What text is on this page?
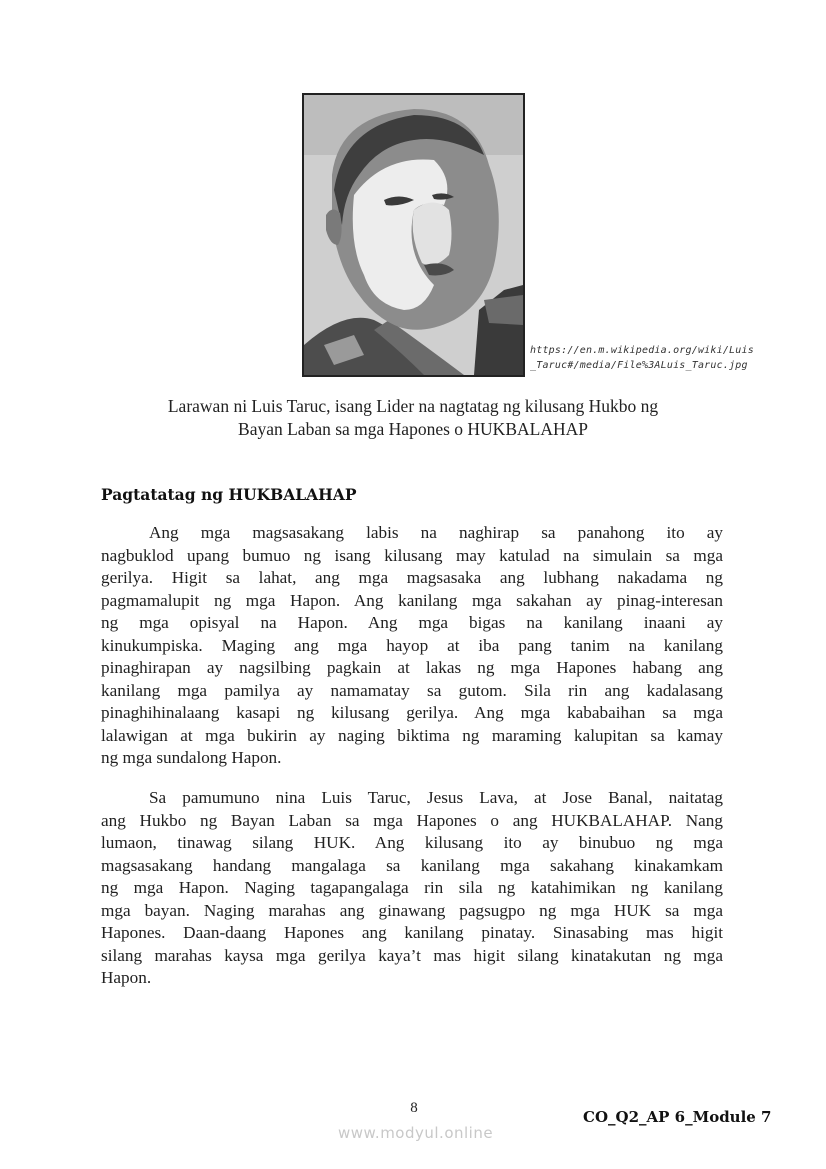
https://en.m.wikipedia.org/wiki/Luis
_Taruc#/media/File%3ALuis_Taruc.jpg
Larawan ni Luis Taruc, isang Lider na nagtatag ng kilusang Hukbo ng
Bayan Laban sa mga Hapones o HUKBALAHAP
Pagtatatag ng HUKBALAHAP
Ang mga magsasakang labis na naghirap sa panahong ito ay
nagbuklod upang bumuo ng isang kilusang may katulad na simulain sa mga
gerilya. Higit sa lahat, ang mga magsasaka ang lubhang nakadama ng
pagmamalupit ng mga Hapon. Ang kanilang mga sakahan ay pinag-interesan
ng mga opisyal na Hapon. Ang mga bigas na kanilang inaani ay
kinukumpiska. Maging ang mga hayop at iba pang tanim na kanilang
pinaghirapan ay nagsilbing pagkain at lakas ng mga Hapones habang ang
kanilang mga pamilya ay namamatay sa gutom. Sila rin ang kadalasang
pinaghihinalaang kasapi ng kilusang gerilya. Ang mga kababaihan sa mga
lalawigan at mga bukirin ay naging biktima ng maraming kalupitan sa kamay
ng mga sundalong Hapon.
Sa pamumuno nina Luis Taruc, Jesus Lava, at Jose Banal, naitatag
ang Hukbo ng Bayan Laban sa mga Hapones o ang HUKBALAHAP. Nang
lumaon, tinawag silang HUK. Ang kilusang ito ay binubuo ng mga
magsasakang handang mangalaga sa kanilang mga sakahang kinakamkam
ng mga Hapon. Naging tagapangalaga rin sila ng katahimikan ng kanilang
mga bayan. Naging marahas ang ginawang pagsugpo ng mga HUK sa mga
Hapones. Daan-daang Hapones ang kanilang pinatay. Sinasabing mas higit
silang marahas kaysa mga gerilya kaya’t mas higit silang kinatakutan ng mga
Hapon.
8	CO_Q2_AP 6_Module 7
www.modyul.online
